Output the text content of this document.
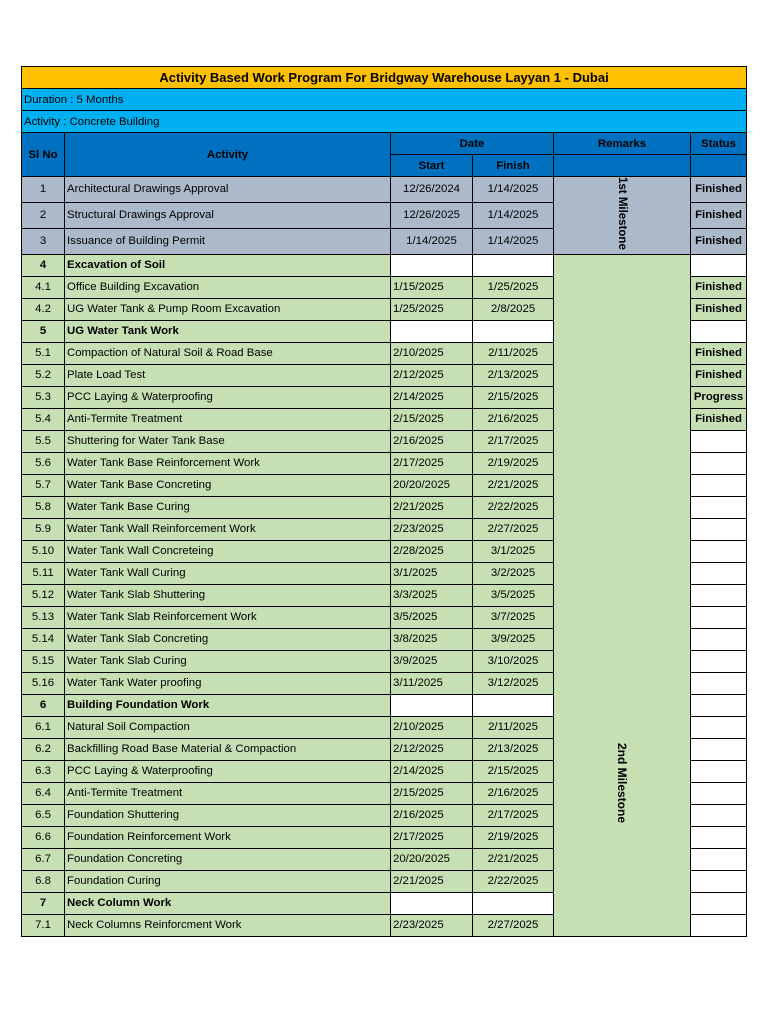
Activity Based Work Program For Bridgway Warehouse Layyan 1 - Dubai					
Duration : 5 Months					
Activity : Concrete Building					
Sl No	Activity	Date		Remarks	Status
		Start	Finish		
1	Architectural Drawings Approval	12/26/2024	1/14/2025	1st Milestone	Finished
2	Structural Drawings Approval	12/26/2025	1/14/2025		Finished
3	Issuance of Building Permit	1/14/2025	1/14/2025		Finished
4	Excavation of Soil			2nd Milestone	

4.1	Office Building Excavation	1/15/2025	1/25/2025		Finished
4.2	UG Water Tank & Pump Room Excavation	1/25/2025	2/8/2025		Finished
5	UG Water Tank Work				
5.1	Compaction of Natural Soil & Road Base	2/10/2025	2/11/2025		Finished
5.2	Plate Load Test	2/12/2025	2/13/2025		Finished
5.3	PCC Laying & Waterproofing	2/14/2025	2/15/2025		Progress
5.4	Anti-Termite Treatment	2/15/2025	2/16/2025		Finished
5.5	Shuttering for Water Tank Base	2/16/2025	2/17/2025		
5.6	Water Tank Base Reinforcement Work	2/17/2025	2/19/2025		
5.7	Water Tank Base Concreting	20/20/2025	2/21/2025		
5.8	Water Tank Base Curing	2/21/2025	2/22/2025		
5.9	Water Tank Wall Reinforcement Work	2/23/2025	2/27/2025		
5.10	Water Tank Wall Concreteing	2/28/2025	3/1/2025		
5.11	Water Tank Wall Curing	3/1/2025	3/2/2025		
5.12	Water Tank Slab Shuttering	3/3/2025	3/5/2025		
5.13	Water Tank Slab Reinforcement Work	3/5/2025	3/7/2025		
5.14	Water Tank Slab Concreting	3/8/2025	3/9/2025		
5.15	Water Tank Slab Curing	3/9/2025	3/10/2025		
5.16	Water Tank Water proofing	3/11/2025	3/12/2025		
6	Building Foundation Work				
6.1	Natural Soil Compaction	2/10/2025	2/11/2025		
6.2	Backfilling Road Base Material & Compaction	2/12/2025	2/13/2025		
6.3	PCC Laying & Waterproofing	2/14/2025	2/15/2025		
6.4	Anti-Termite Treatment	2/15/2025	2/16/2025		
6.5	Foundation Shuttering	2/16/2025	2/17/2025		
6.6	Foundation Reinforcement Work	2/17/2025	2/19/2025		
6.7	Foundation Concreting	20/20/2025	2/21/2025		
6.8	Foundation Curing	2/21/2025	2/22/2025		
7	Neck Column Work				
7.1	Neck Columns Reinforcment Work	2/23/2025	2/27/2025		
